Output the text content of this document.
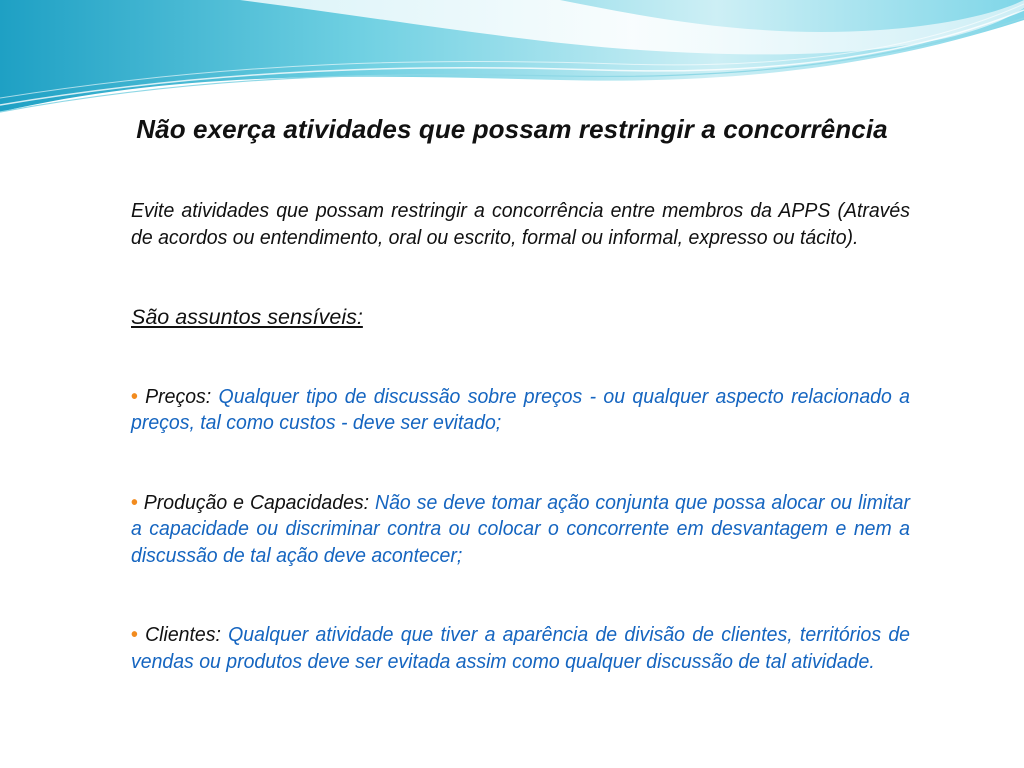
Não exerça atividades que possam restringir a concorrência

Evite atividades que possam restringir a concorrência entre membros da APPS (Através de acordos ou entendimento, oral ou escrito, formal ou informal, expresso ou tácito).

São assuntos sensíveis:

• Preços: Qualquer tipo de discussão sobre preços - ou qualquer aspecto relacionado a preços, tal como custos - deve ser evitado;

• Produção e Capacidades: Não se deve tomar ação conjunta que possa alocar ou limitar a capacidade ou discriminar contra ou colocar o concorrente em desvantagem e nem a discussão de tal ação deve acontecer;

• Clientes: Qualquer atividade que tiver a aparência de divisão de clientes, territórios de vendas ou produtos deve ser evitada assim como qualquer discussão de tal atividade.
